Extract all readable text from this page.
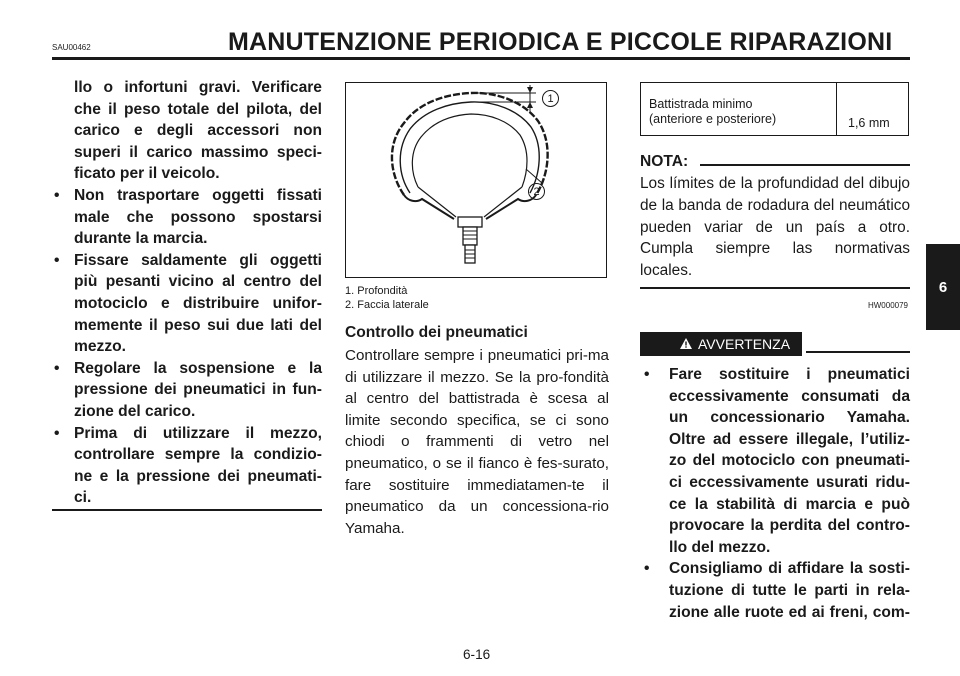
SAU00462	MANUTENZIONE PERIODICA E PICCOLE RIPARAZIONI
llo o infortuni gravi. Verificare
che il peso totale del pilota, del
carico e degli accessori non
superi il carico massimo speci-
ficato per il veicolo.
• Non trasportare oggetti fissati
male che possono spostarsi
durante la marcia.
• Fissare saldamente gli oggetti
più pesanti vicino al centro del
motociclo e distribuire unifor-
memente il peso sui due lati del
mezzo.
• Regolare la sospensione e la
pressione dei pneumatici in fun-
zione del carico.
• Prima di utilizzare il mezzo,
controllare sempre la condizio-
ne e la pressione dei pneumati-
ci.
1
2
1. Profondità
2. Faccia laterale
Controllo dei pneumatici
Controllare sempre i pneumatici pri-ma di utilizzare il mezzo. Se la pro-fondità al centro del battistrada è scesa al limite secondo specifica, se ci sono chiodi o frammenti di vetro nel pneumatico, o se il fianco è fes-surato, fare sostituire immediatamen-te il pneumatico da un concessiona-rio Yamaha.
Battistrada minimo
(anteriore e posteriore)	1,6 mm
NOTA:
Los límites de la profundidad del dibujo de la banda de rodadura del neumático pueden variar de un país a otro. Cumpla siempre las normativas locales.
HW000079
AVVERTENZA
• Fare sostituire i pneumatici
eccessivamente consumati da
un concessionario Yamaha.
Oltre ad essere illegale, l’utiliz-
zo del motociclo con pneumati-
ci eccessivamente usurati ridu-
ce la stabilità di marcia e può
provocare la perdita del contro-
llo del mezzo.
• Consigliamo di affidare la sosti-
tuzione di tutte le parti in rela-
zione alle ruote ed ai freni, com-
6
6-16
